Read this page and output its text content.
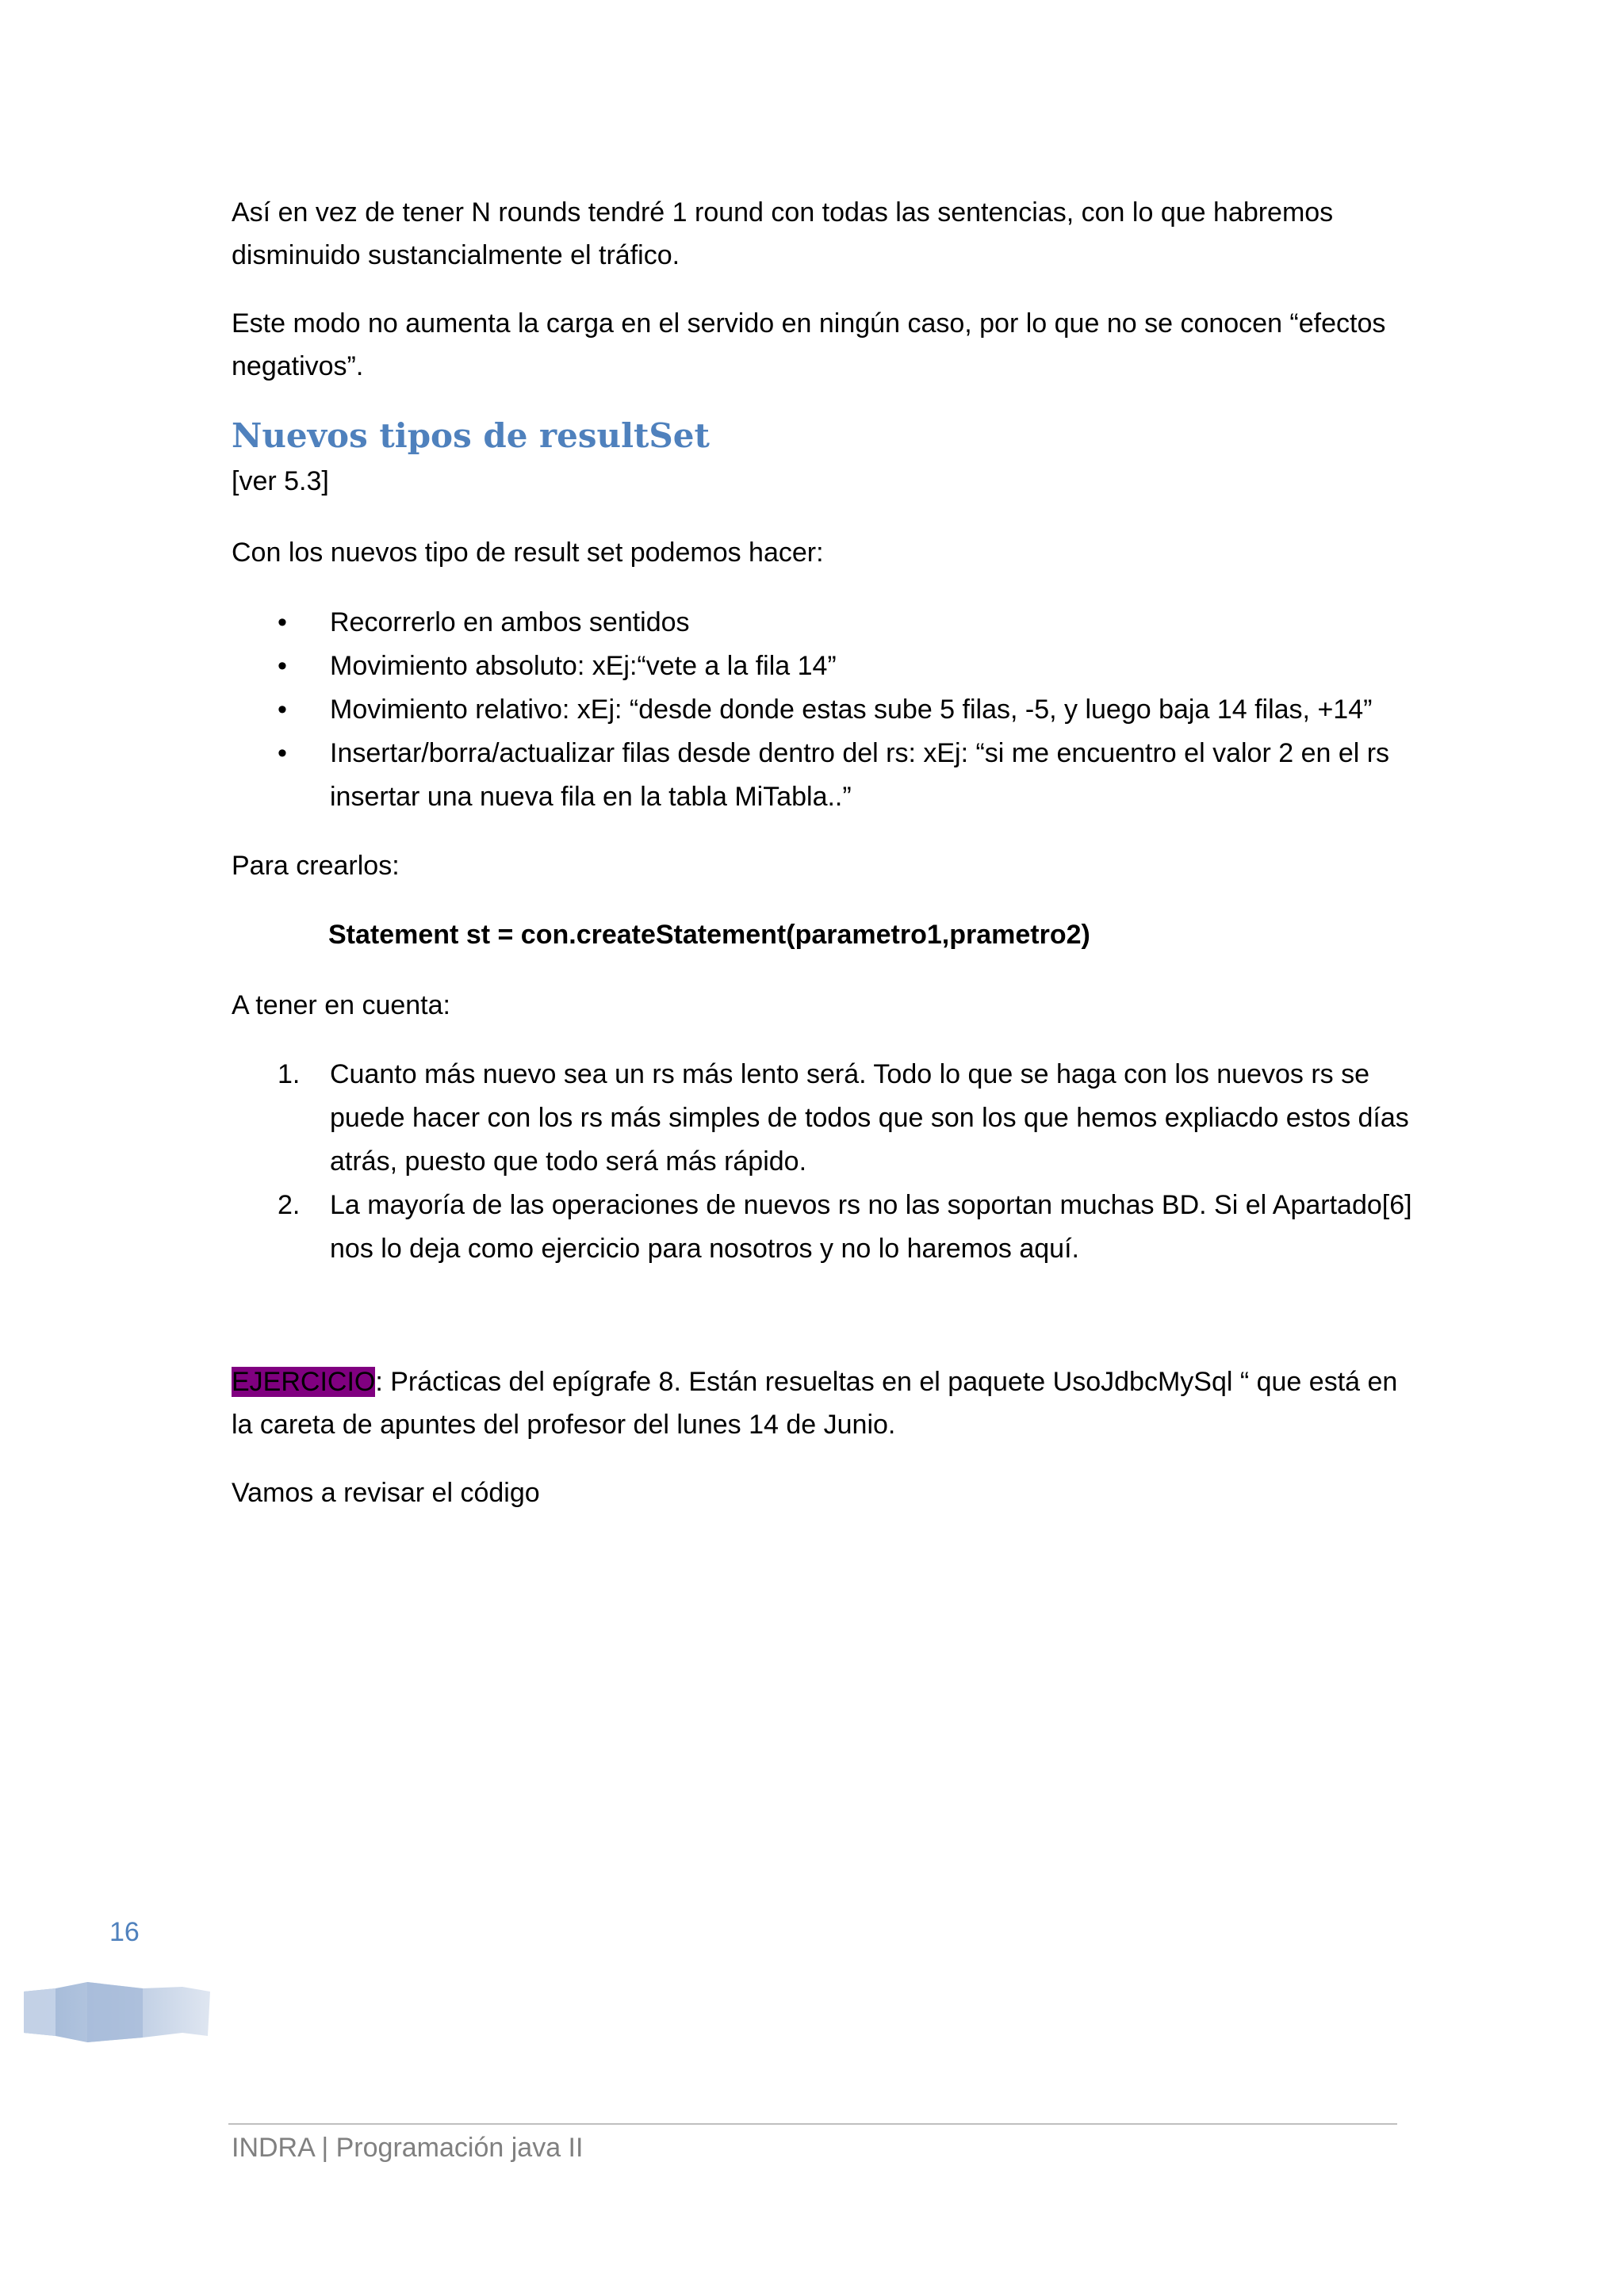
Así en vez de tener N rounds tendré 1 round con todas las sentencias, con lo que habremos disminuido sustancialmente el tráfico.

Este modo no aumenta la carga en el servido en ningún caso, por lo que no se conocen “efectos negativos”.

Nuevos tipos de resultSet

[ver 5.3]

Con los nuevos tipo de result set podemos hacer:

• Recorrerlo en ambos sentidos
• Movimiento absoluto: xEj:“vete a la fila 14”
• Movimiento relativo: xEj: “desde donde estas sube 5 filas, -5, y luego baja 14 filas, +14”
• Insertar/borra/actualizar filas desde dentro del rs: xEj: “si me encuentro el valor 2 en el rs insertar una nueva fila en la tabla MiTabla..”

Para crearlos:

Statement st = con.createStatement(parametro1,prametro2)

A tener en cuenta:

1. Cuanto más nuevo sea un rs más lento será. Todo lo que se haga con los nuevos rs se puede hacer con los rs más simples de todos que son los que hemos expliacdo estos días atrás, puesto que todo será más rápido.
2. La mayoría de las operaciones de nuevos rs no las soportan muchas BD. Si el Apartado[6] nos lo deja como ejercicio para nosotros y no lo haremos aquí.

EJERCICIO: Prácticas del epígrafe 8. Están resueltas en el paquete UsoJdbcMySql “ que está en la careta de apuntes del profesor del lunes 14 de Junio.

Vamos a revisar el código

16

INDRA | Programación java II
